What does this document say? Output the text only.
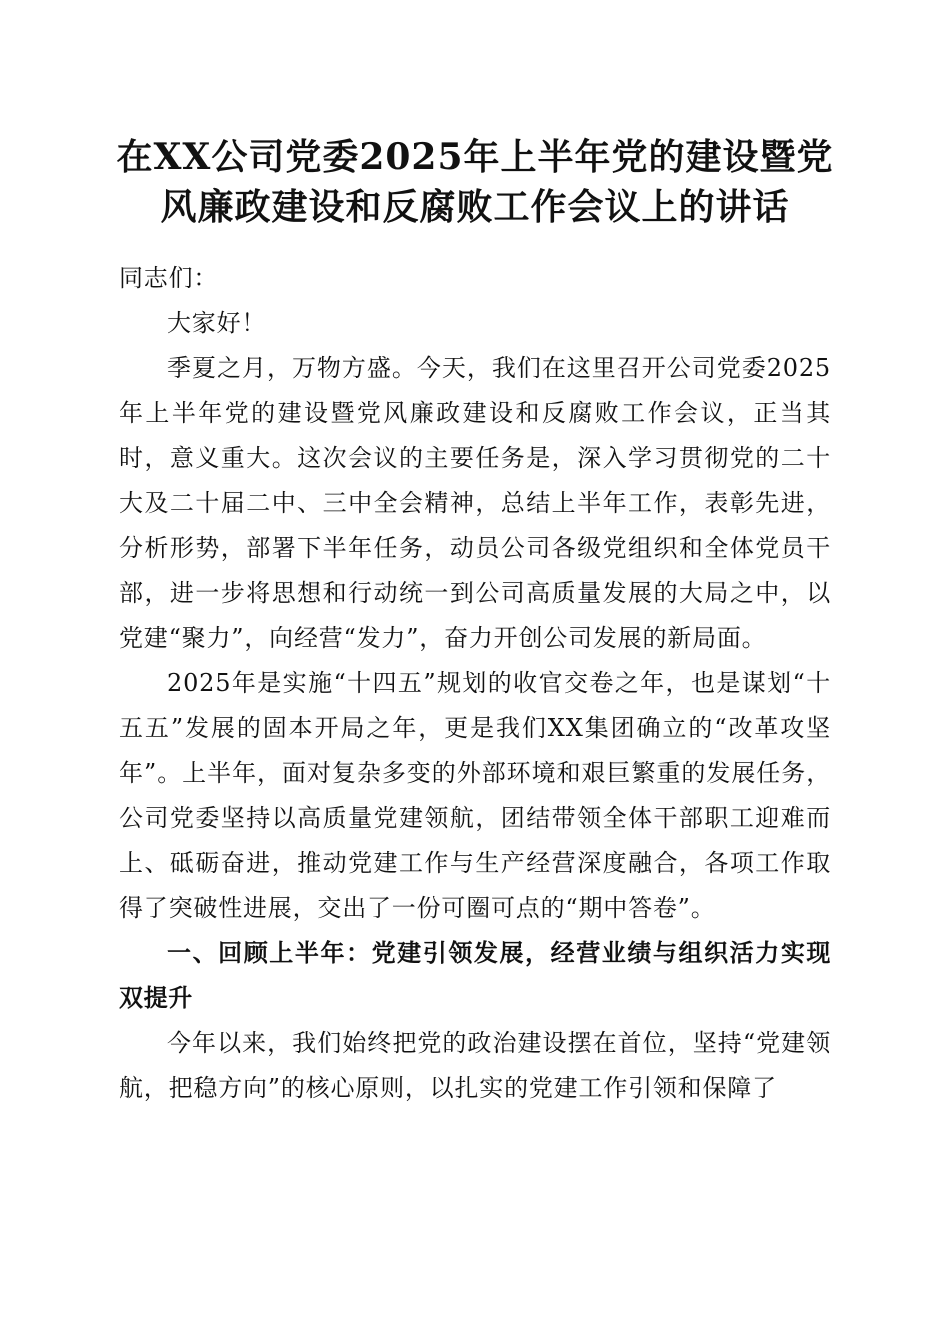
在XX公司党委2025年上半年党的建设暨党
风廉政建设和反腐败工作会议上的讲话

同志们：

大家好！

季夏之月，万物方盛。今天，我们在这里召开公司党委2025年上半年党的建设暨党风廉政建设和反腐败工作会议，正当其时，意义重大。这次会议的主要任务是，深入学习贯彻党的二十大及二十届二中、三中全会精神，总结上半年工作，表彰先进，分析形势，部署下半年任务，动员公司各级党组织和全体党员干部，进一步将思想和行动统一到公司高质量发展的大局之中，以党建“聚力”，向经营“发力”，奋力开创公司发展的新局面。

2025年是实施“十四五”规划的收官交卷之年，也是谋划“十五五”发展的固本开局之年，更是我们XX集团确立的“改革攻坚年”。上半年，面对复杂多变的外部环境和艰巨繁重的发展任务，公司党委坚持以高质量党建领航，团结带领全体干部职工迎难而上、砥砺奋进，推动党建工作与生产经营深度融合，各项工作取得了突破性进展，交出了一份可圈可点的“期中答卷”。

一、回顾上半年：党建引领发展，经营业绩与组织活力实现双提升

今年以来，我们始终把党的政治建设摆在首位，坚持“党建领航，把稳方向”的核心原则，以扎实的党建工作引领和保障了
